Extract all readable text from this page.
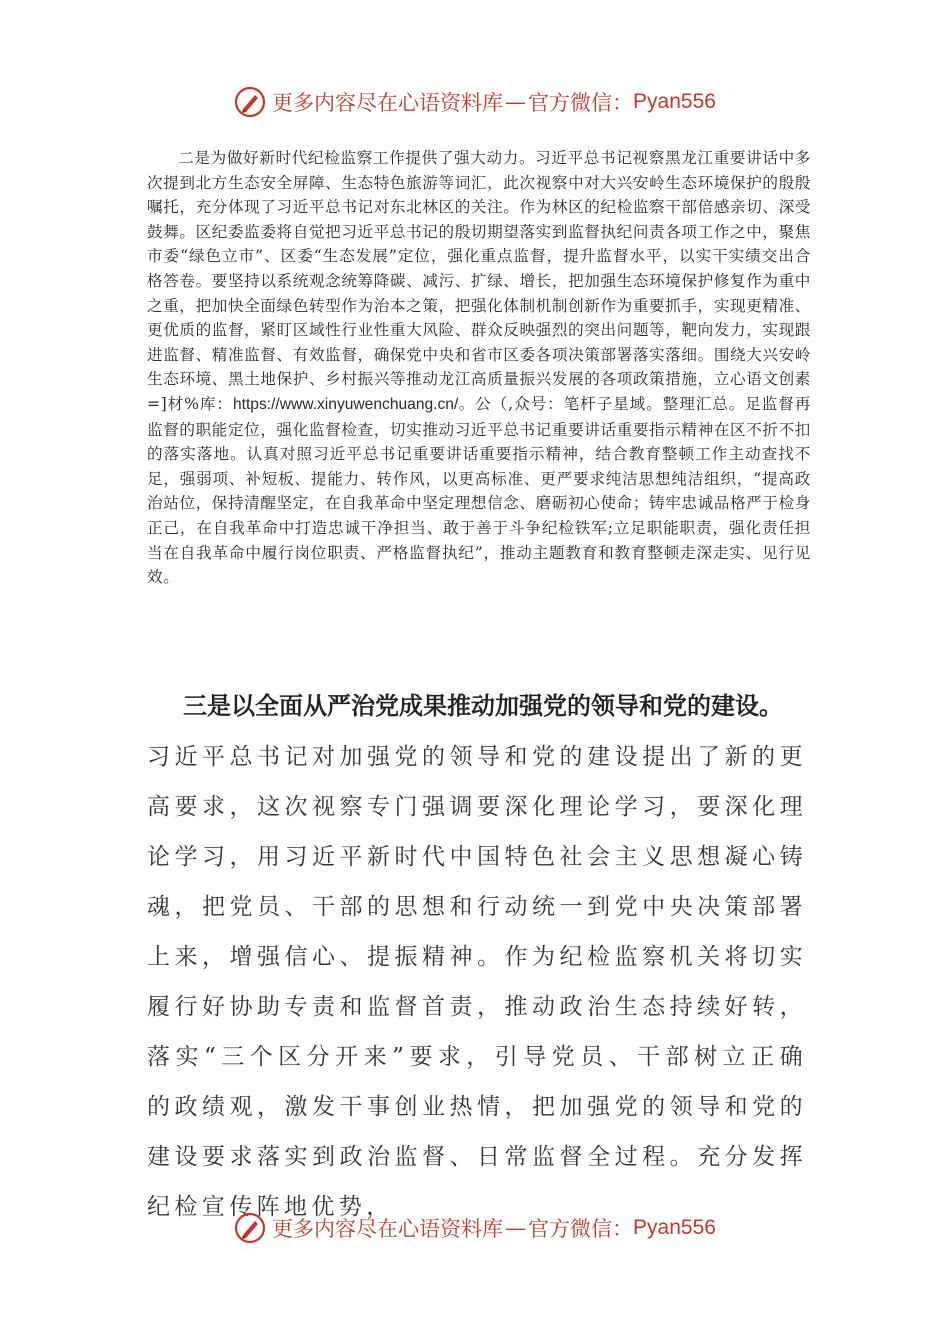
更多内容尽在心语资料库 — 官方微信： Pyan556

二是为做好新时代纪检监察工作提供了强大动力。习近平总书记视察黑龙江重要讲话中多次提到北方生态安全屏障、生态特色旅游等词汇，此次视察中对大兴安岭生态环境保护的殷殷嘱托，充分体现了习近平总书记对东北林区的关注。作为林区的纪检监察干部倍感亲切、深受鼓舞。区纪委监委将自觉把习近平总书记的殷切期望落实到监督执纪问责各项工作之中，聚焦市委“绿色立市”、区委“生态发展”定位，强化重点监督，提升监督水平，以实干实绩交出合格答卷。要坚持以系统观念统筹降碳、减污、扩绿、增长，把加强生态环境保护修复作为重中之重，把加快全面绿色转型作为治本之策，把强化体制机制创新作为重要抓手，实现更精准、更优质的监督，紧盯区域性行业性重大风险、群众反映强烈的突出问题等，靶向发力，实现跟进监督、精准监督、有效监督，确保党中央和省市区委各项决策部署落实落细。围绕大兴安岭生态环境、黑土地保护、乡村振兴等推动龙江高质量振兴发展的各项政策措施，立心语文创素=]材%库：https://www.xinyuwenchuang.cn/。公（,众号：笔杆子星域。整理汇总。足监督再监督的职能定位，强化监督检查，切实推动习近平总书记重要讲话重要指示精神在区不折不扣的落实落地。认真对照习近平总书记重要讲话重要指示精神，结合教育整顿工作主动查找不足，强弱项、补短板、提能力、转作风，以更高标准、更严要求纯洁思想纯洁组织，“提高政治站位，保持清醒坚定，在自我革命中坚定理想信念、磨砺初心使命；铸牢忠诚品格严于检身正己，在自我革命中打造忠诚干净担当、敢于善于斗争纪检铁军;立足职能职责，强化责任担当在自我革命中履行岗位职责、严格监督执纪”，推动主题教育和教育整顿走深走实、见行见效。

三是以全面从严治党成果推动加强党的领导和党的建设。

习近平总书记对加强党的领导和党的建设提出了新的更高要求，这次视察专门强调要深化理论学习，要深化理论学习，用习近平新时代中国特色社会主义思想凝心铸魂，把党员、干部的思想和行动统一到党中央决策部署上来，增强信心、提振精神。作为纪检监察机关将切实履行好协助专责和监督首责，推动政治生态持续好转，落实“三个区分开来”要求，引导党员、干部树立正确的政绩观，激发干事创业热情，把加强党的领导和党的建设要求落实到政治监督、日常监督全过程。充分发挥纪检宣传阵地优势，

更多内容尽在心语资料库 — 官方微信： Pyan556
